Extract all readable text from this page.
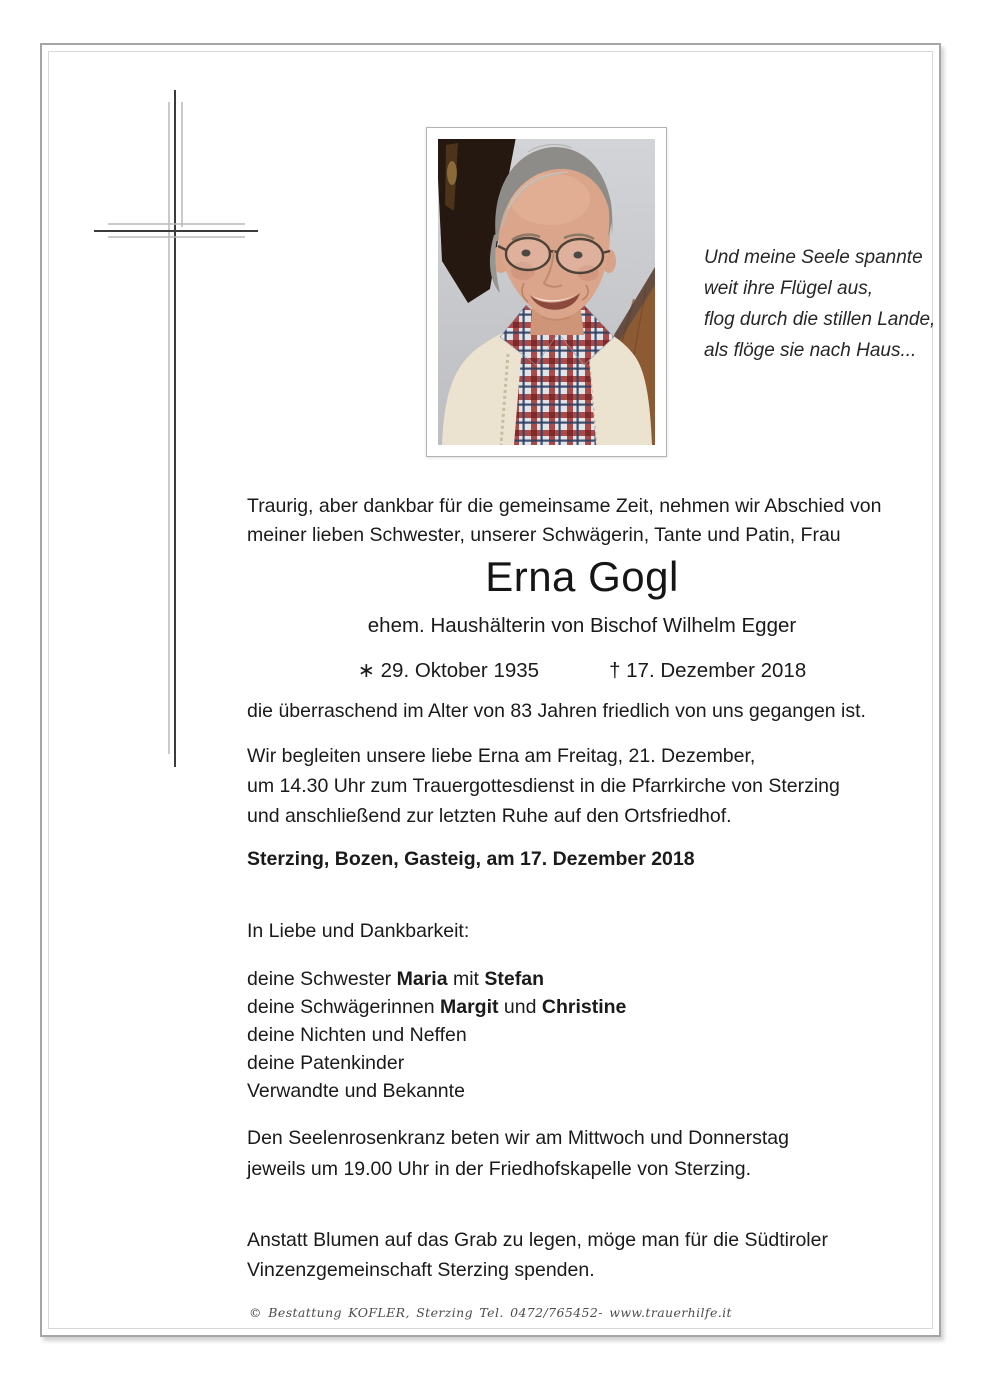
Und meine Seele spannte
weit ihre Flügel aus,
flog durch die stillen Lande,
als flöge sie nach Haus...
Traurig, aber dankbar für die gemeinsame Zeit, nehmen wir Abschied von
meiner lieben Schwester, unserer Schwägerin, Tante und Patin, Frau
Erna Gogl
ehem. Haushälterin von Bischof Wilhelm Egger
∗ 29. Oktober 1935	† 17. Dezember 2018
die überraschend im Alter von 83 Jahren friedlich von uns gegangen ist.
Wir begleiten unsere liebe Erna am Freitag, 21. Dezember,
um 14.30 Uhr zum Trauergottesdienst in die Pfarrkirche von Sterzing
und anschließend zur letzten Ruhe auf den Ortsfriedhof.
Sterzing, Bozen, Gasteig, am 17. Dezember 2018
In Liebe und Dankbarkeit:
deine Schwester Maria mit Stefan
deine Schwägerinnen Margit und Christine
deine Nichten und Neffen
deine Patenkinder
Verwandte und Bekannte
Den Seelenrosenkranz beten wir am Mittwoch und Donnerstag
jeweils um 19.00 Uhr in der Friedhofskapelle von Sterzing.
Anstatt Blumen auf das Grab zu legen, möge man für die Südtiroler
Vinzenzgemeinschaft Sterzing spenden.
© Bestattung KOFLER, Sterzing Tel. 0472/765452- www.trauerhilfe.it
